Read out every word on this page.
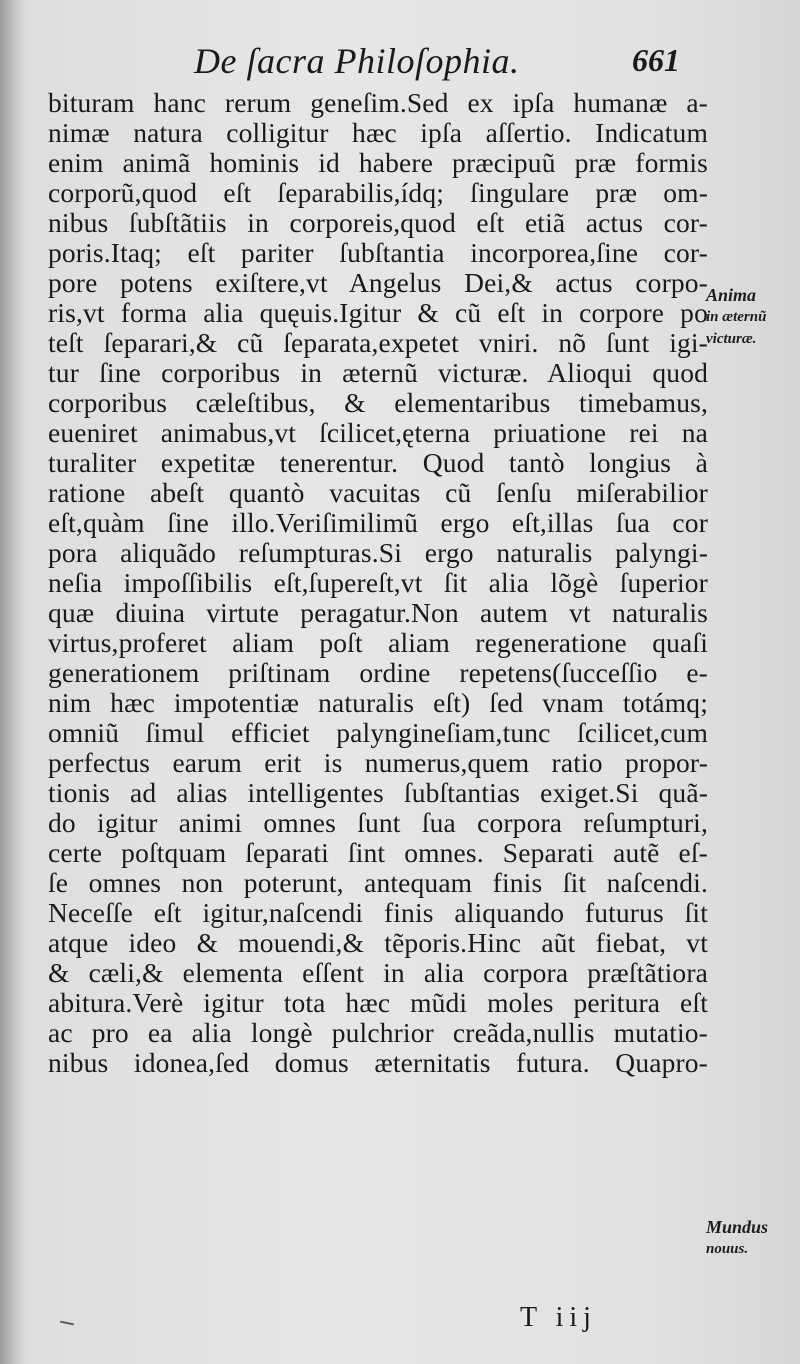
De ſacra Philoſophia.	661
bituram hanc rerum geneſim.Sed ex ipſa humanæ a-
nimæ natura colligitur hæc ipſa aſſertio. Indicatum
enim animã hominis id habere præcipuũ præ formis
corporũ,quod eſt ſeparabilis,ídq; ſingulare præ om-
nibus ſubſtãtiis in corporeis,quod eſt etiã actus cor-
poris.Itaq; eſt pariter ſubſtantia incorporea,ſine cor-
pore potens exiſtere,vt Angelus Dei,& actus corpo-
ris,vt forma alia quęuis.Igitur & cũ eſt in corpore po
teſt ſeparari,& cũ ſeparata,expetet vniri. nõ ſunt igi-
tur ſine corporibus in æternũ victuræ. Alioqui quod
corporibus cæleſtibus, & elementaribus timebamus,
eueniret animabus,vt ſcilicet,ęterna priuatione rei na
turaliter expetitæ tenerentur. Quod tantò longius à
ratione abeſt quantò vacuitas cũ ſenſu miſerabilior
eſt,quàm ſine illo.Veriſimilimũ ergo eſt,illas ſua cor
pora aliquãdo reſumpturas.Si ergo naturalis palyngi-
neſia impoſſibilis eſt,ſupereſt,vt ſit alia lõgè ſuperior
quæ diuina virtute peragatur.Non autem vt naturalis
virtus,proferet aliam poſt aliam regeneratione quaſi
generationem priſtinam ordine repetens(ſucceſſio e-
nim hæc impotentiæ naturalis eſt) ſed vnam totámq;
omniũ ſimul efficiet palyngineſiam,tunc ſcilicet,cum
perfectus earum erit is numerus,quem ratio propor-
tionis ad alias intelligentes ſubſtantias exiget.Si quã-
do igitur animi omnes ſunt ſua corpora reſumpturi,
certe poſtquam ſeparati ſint omnes. Separati autẽ eſ-
ſe omnes non poterunt, antequam finis ſit naſcendi.
Neceſſe eſt igitur,naſcendi finis aliquando futurus ſit
atque ideo & mouendi,& tẽporis.Hinc aũt fiebat, vt
& cæli,& elementa eſſent in alia corpora præſtãtiora
abitura.Verè igitur tota hæc mũdi moles peritura eſt
ac pro ea alia longè pulchrior creãda,nullis mutatio-
nibus idonea,ſed domus æternitatis futura. Quapro-
Anima
in æternũ
victuræ.
Mundus
nouus.
T iij
